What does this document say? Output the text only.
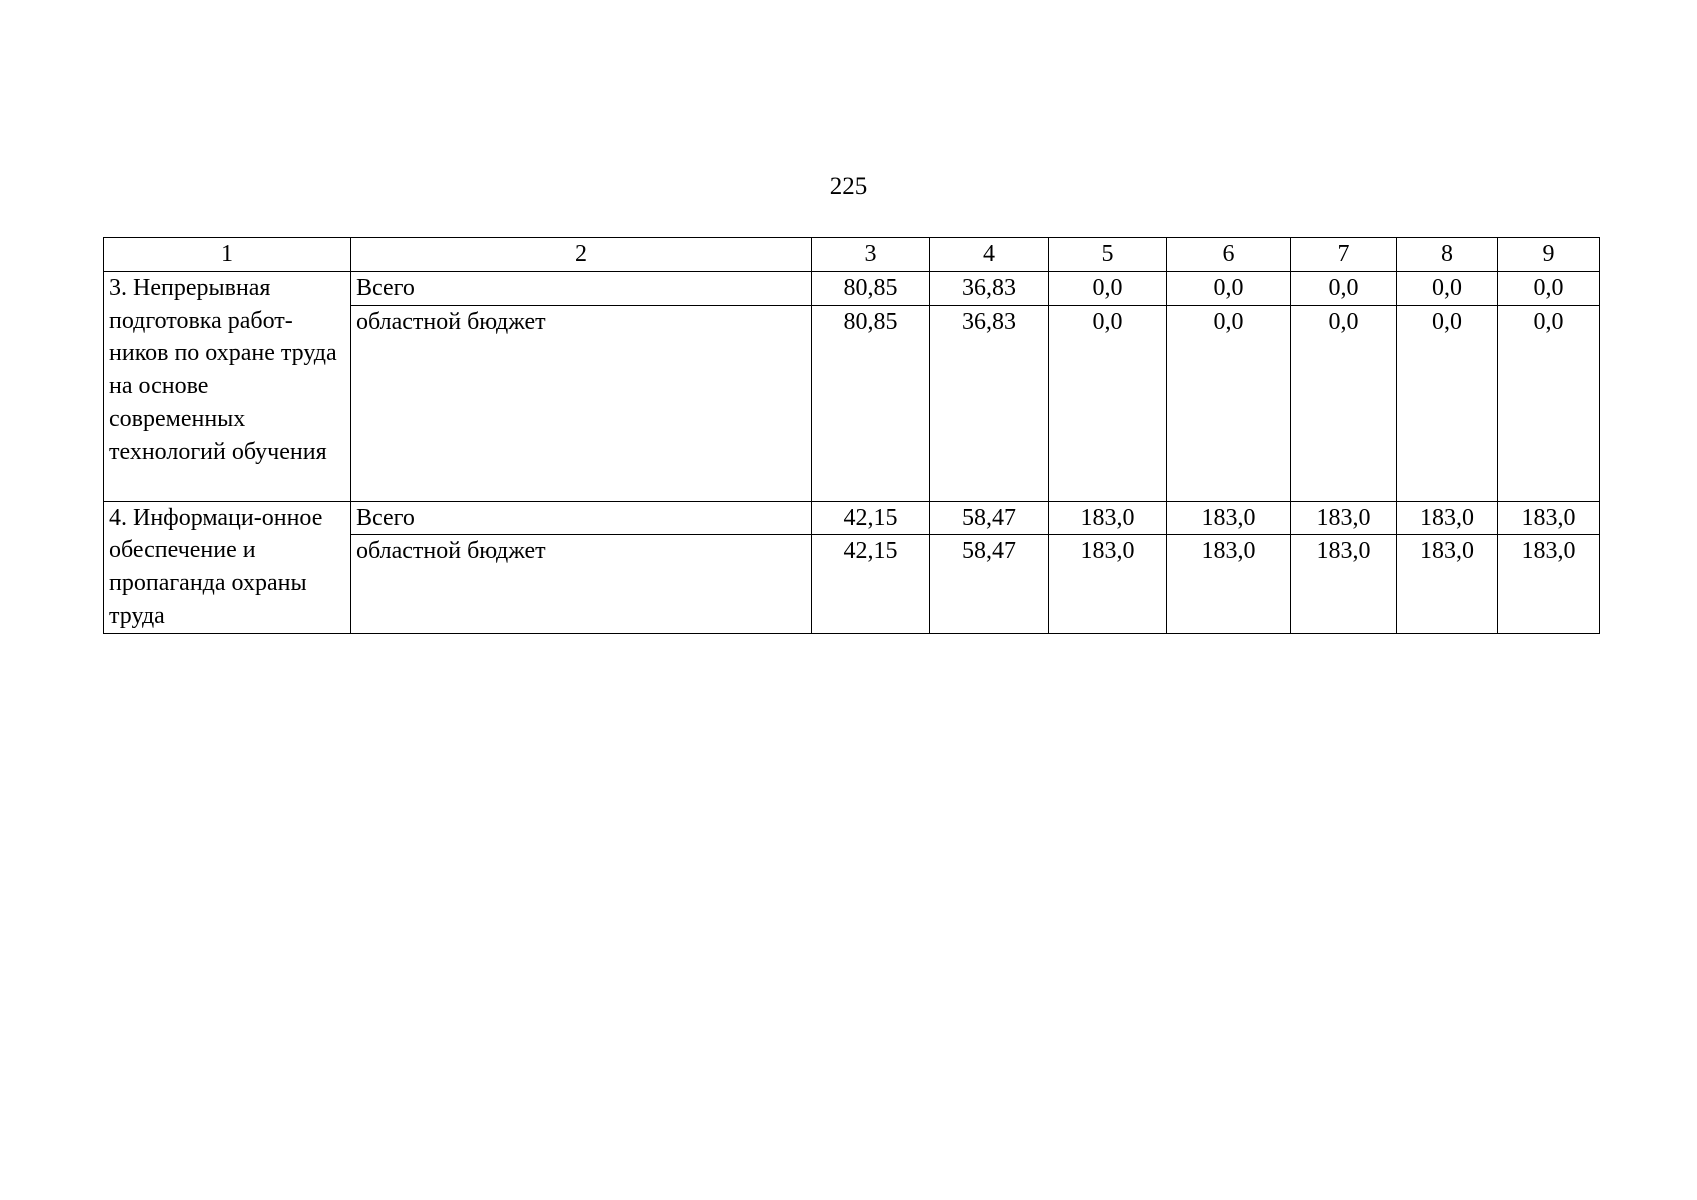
225
1	2	3	4	5	6	7	8	9
3. Непрерывная подготовка работ-ников по охране труда на основе современных технологий обучения	Всего	80,85	36,83	0,0	0,0	0,0	0,0	0,0
	областной бюджет	80,85	36,83	0,0	0,0	0,0	0,0	0,0
4. Информаци-онное обеспечение и пропаганда охраны труда	Всего	42,15	58,47	183,0	183,0	183,0	183,0	183,0
	областной бюджет	42,15	58,47	183,0	183,0	183,0	183,0	183,0
